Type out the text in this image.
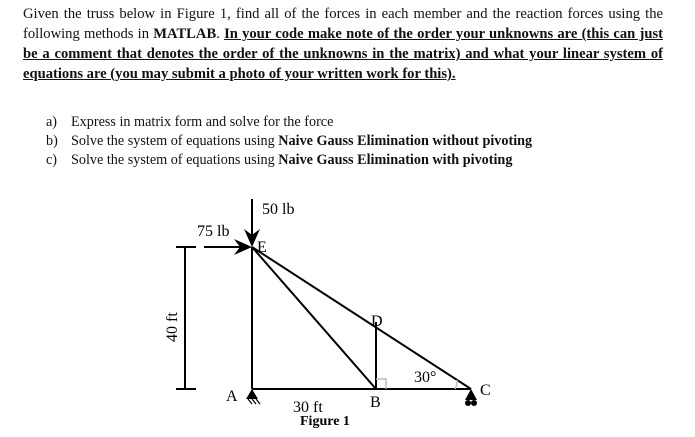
Given the truss below in Figure 1, find all of the forces in each member and the reaction forces using the following methods in MATLAB. In your code make note of the order your unknowns are (this can just be a comment that denotes the order of the unknowns in the matrix) and what your linear system of equations are (you may submit a photo of your written work for this).
a) Express in matrix form and solve for the force
b) Solve the system of equations using Naive Gauss Elimination without pivoting
c) Solve the system of equations using Naive Gauss Elimination with pivoting
50 lb
75 lb
E
D
B
C
A
40 ft
30 ft
30°
Figure 1
